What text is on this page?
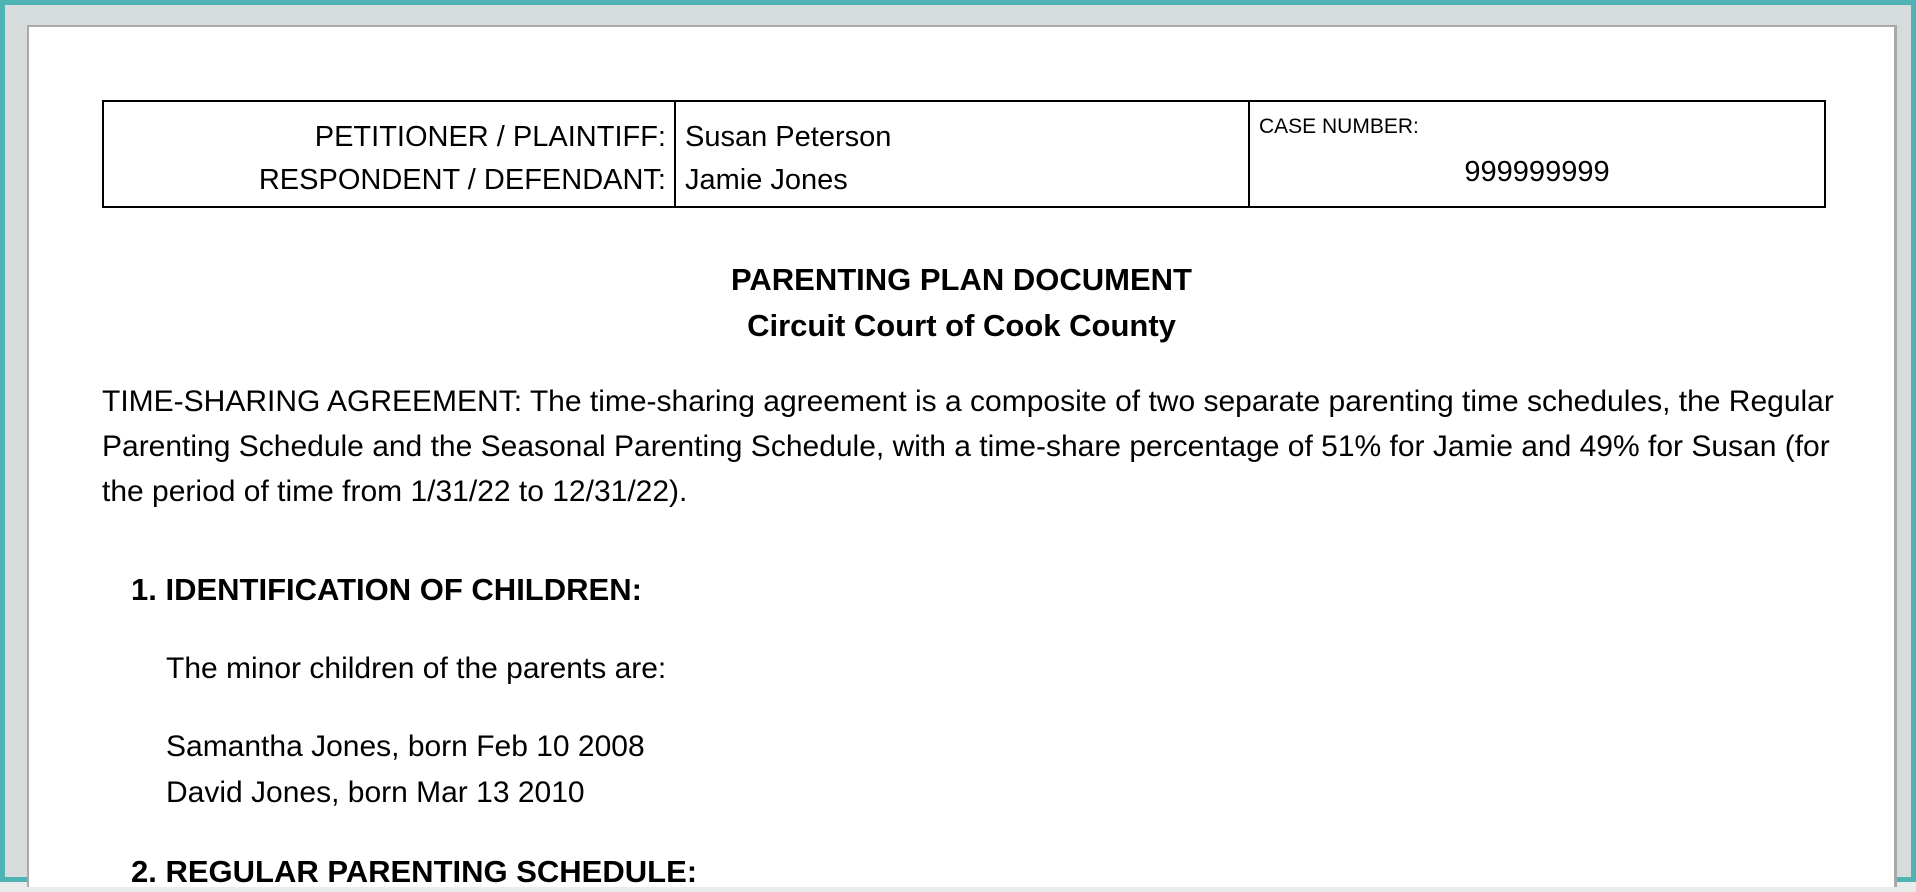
PETITIONER / PLAINTIFF:
RESPONDENT / DEFENDANT:
Susan Peterson
Jamie Jones
CASE NUMBER:
999999999
PARENTING PLAN DOCUMENT
Circuit Court of Cook County
TIME-SHARING AGREEMENT: The time-sharing agreement is a composite of two separate parenting time schedules, the Regular Parenting Schedule and the Seasonal Parenting Schedule, with a time-share percentage of 51% for Jamie and 49% for Susan (for the period of time from 1/31/22 to 12/31/22).
1. IDENTIFICATION OF CHILDREN:
The minor children of the parents are:
Samantha Jones, born Feb 10 2008
David Jones, born Mar 13 2010
2. REGULAR PARENTING SCHEDULE:
